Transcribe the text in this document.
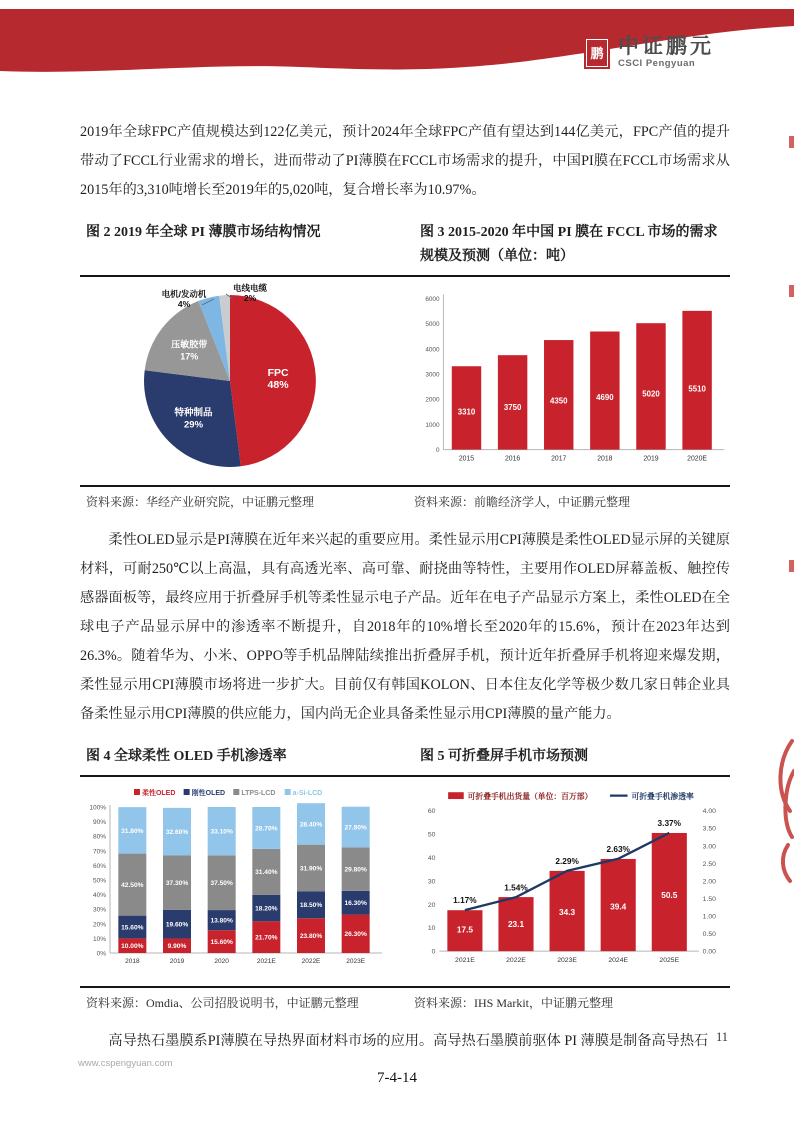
鹏 中证鹏元
CSCI Pengyuan

2019年全球FPC产值规模达到122亿美元，预计2024年全球FPC产值有望达到144亿美元，FPC产值的提升带动了FCCL行业需求的增长，进而带动了PI薄膜在FCCL市场需求的提升，中国PI膜在FCCL市场需求从2015年的3,310吨增长至2019年的5,020吨，复合增长率为10.97%。

图 2 2019 年全球 PI 薄膜市场结构情况	图 3 2015-2020 年中国 PI 膜在 FCCL 市场的需求规模及预测（单位：吨）
FPC 48%
特种制品 29%
压敏胶带 17%
电机/发动机 4%
电线电缆 2%
0
1000
2000
3000
4000
5000
6000
3310
2015
3750
2016
4350
2017
4690
2018
5020
2019
5510
2020E
资料来源：华经产业研究院，中证鹏元整理	资料来源：前瞻经济学人，中证鹏元整理

柔性OLED显示是PI薄膜在近年来兴起的重要应用。柔性显示用CPI薄膜是柔性OLED显示屏的关键原材料，可耐250℃以上高温，具有高透光率、高可靠、耐挠曲等特性，主要用作OLED屏幕盖板、触控传感器面板等，最终应用于折叠屏手机等柔性显示电子产品。近年在电子产品显示方案上，柔性OLED在全球电子产品显示屏中的渗透率不断提升，自2018年的10%增长至2020年的15.6%，预计在2023年达到26.3%。随着华为、小米、OPPO等手机品牌陆续推出折叠屏手机，预计近年折叠屏手机将迎来爆发期，柔性显示用CPI薄膜市场将进一步扩大。目前仅有韩国KOLON、日本住友化学等极少数几家日韩企业具备柔性显示用CPI薄膜的供应能力，国内尚无企业具备柔性显示用CPI薄膜的量产能力。

图 4 全球柔性 OLED 手机渗透率	图 5 可折叠屏手机市场预测
柔性OLED 刚性OLED LTPS-LCD a-Si-LCD
0%
10%
20%
30%
40%
50%
60%
70%
80%
90%
100%
10.00%
15.60%
42.50%
31.80%
2018
9.90%
19.60%
37.30%
32.60%
2019
15.60%
13.80%
37.50%
33.10%
2020
21.70%
18.20%
31.40%
28.70%
2021E
23.80%
18.50%
31.90%
28.40%
2022E
26.30%
16.30%
29.80%
27.80%
2023E
可折叠手机出货量（单位：百万部）	可折叠手机渗透率
0
10
20
30
40
50
60
0.00
0.50
1.00
1.50
2.00
2.50
3.00
3.50
4.00
17.5
2021E
23.1
2022E
34.3
2023E
39.4
2024E
50.5
2025E
1.17%
1.54%
2.29%
2.63%
3.37%
资料来源：Omdia、公司招股说明书，中证鹏元整理	资料来源：IHS Markit，中证鹏元整理

高导热石墨膜系PI薄膜在导热界面材料市场的应用。高导热石墨膜前驱体 PI 薄膜是制备高导热石 11
www.cspengyuan.com
7-4-14
